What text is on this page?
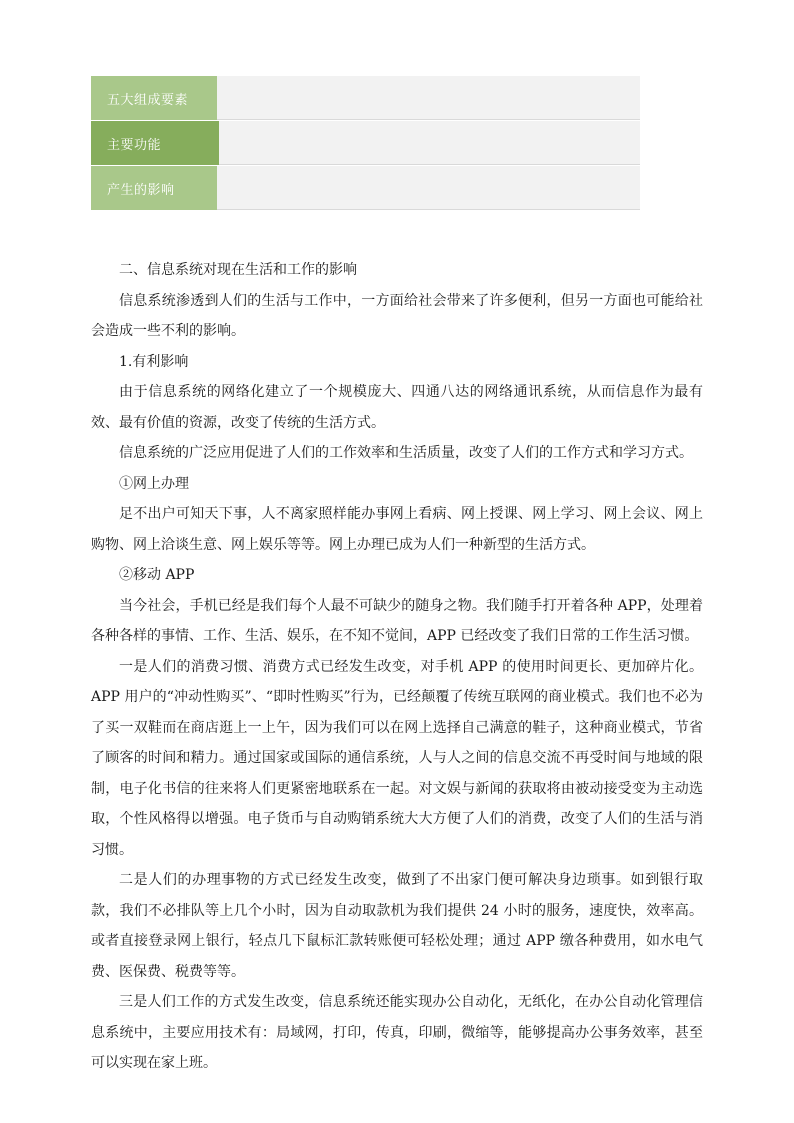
五大组成要素
主要功能
产生的影响

二、信息系统对现在生活和工作的影响

信息系统渗透到人们的生活与工作中，一方面给社会带来了许多便利，但另一方面也可能给社会造成一些不利的影响。

1.有利影响

由于信息系统的网络化建立了一个规模庞大、四通八达的网络通讯系统，从而信息作为最有效、最有价值的资源，改变了传统的生活方式。

信息系统的广泛应用促进了人们的工作效率和生活质量，改变了人们的工作方式和学习方式。

①网上办理

足不出户可知天下事，人不离家照样能办事网上看病、网上授课、网上学习、网上会议、网上购物、网上洽谈生意、网上娱乐等等。网上办理已成为人们一种新型的生活方式。

②移动 APP

当今社会，手机已经是我们每个人最不可缺少的随身之物。我们随手打开着各种 APP，处理着各种各样的事情、工作、生活、娱乐，在不知不觉间，APP 已经改变了我们日常的工作生活习惯。

一是人们的消费习惯、消费方式已经发生改变，对手机 APP 的使用时间更长、更加碎片化。APP 用户的“冲动性购买”、“即时性购买”行为，已经颠覆了传统互联网的商业模式。我们也不必为了买一双鞋而在商店逛上一上午，因为我们可以在网上选择自己满意的鞋子，这种商业模式，节省了顾客的时间和精力。通过国家或国际的通信系统，人与人之间的信息交流不再受时间与地域的限制，电子化书信的往来将人们更紧密地联系在一起。对文娱与新闻的获取将由被动接受变为主动选取，个性风格得以增强。电子货币与自动购销系统大大方便了人们的消费，改变了人们的生活与消习惯。

二是人们的办理事物的方式已经发生改变，做到了不出家门便可解决身边琐事。如到银行取款，我们不必排队等上几个小时，因为自动取款机为我们提供 24 小时的服务，速度快，效率高。或者直接登录网上银行，轻点几下鼠标汇款转账便可轻松处理；通过 APP 缴各种费用，如水电气费、医保费、税费等等。

三是人们工作的方式发生改变，信息系统还能实现办公自动化，无纸化，在办公自动化管理信息系统中，主要应用技术有：局域网，打印，传真，印刷，微缩等，能够提高办公事务效率，甚至可以实现在家上班。
